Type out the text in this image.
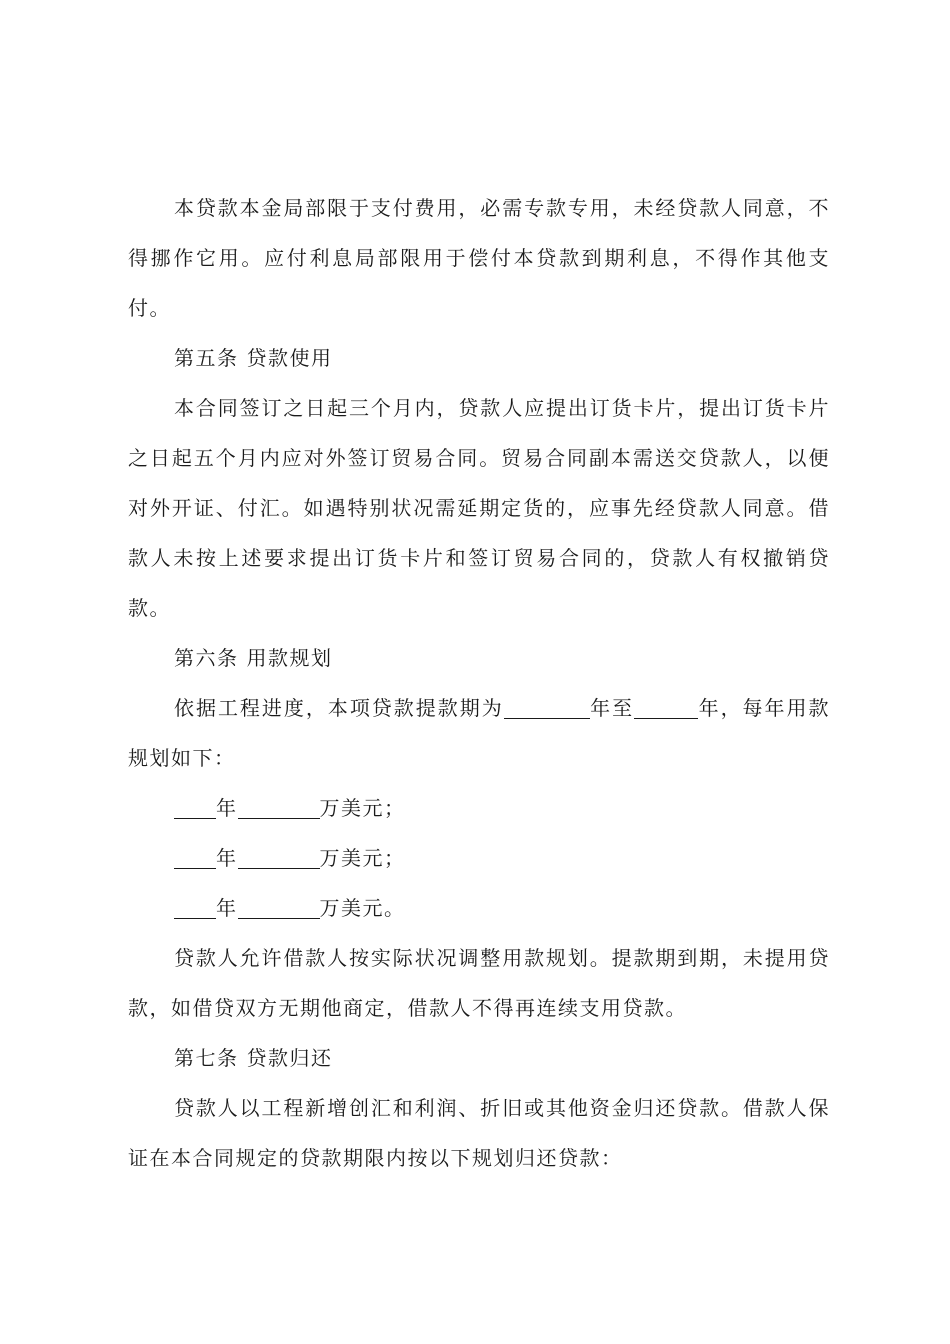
本贷款本金局部限于支付费用，必需专款专用，未经贷款人同意，不得挪作它用。应付利息局部限用于偿付本贷款到期利息，不得作其他支付。

第五条 贷款使用

本合同签订之日起三个月内，贷款人应提出订货卡片，提出订货卡片之日起五个月内应对外签订贸易合同。贸易合同副本需送交贷款人，以便对外开证、付汇。如遇特别状况需延期定货的，应事先经贷款人同意。借款人未按上述要求提出订货卡片和签订贸易合同的，贷款人有权撤销贷款。

第六条 用款规划

依据工程进度，本项贷款提款期为	年至	年，每年用款规划如下：

年	万美元；

年	万美元；

年	万美元。

贷款人允许借款人按实际状况调整用款规划。提款期到期，未提用贷款，如借贷双方无期他商定，借款人不得再连续支用贷款。

第七条 贷款归还

贷款人以工程新增创汇和利润、折旧或其他资金归还贷款。借款人保证在本合同规定的贷款期限内按以下规划归还贷款：
